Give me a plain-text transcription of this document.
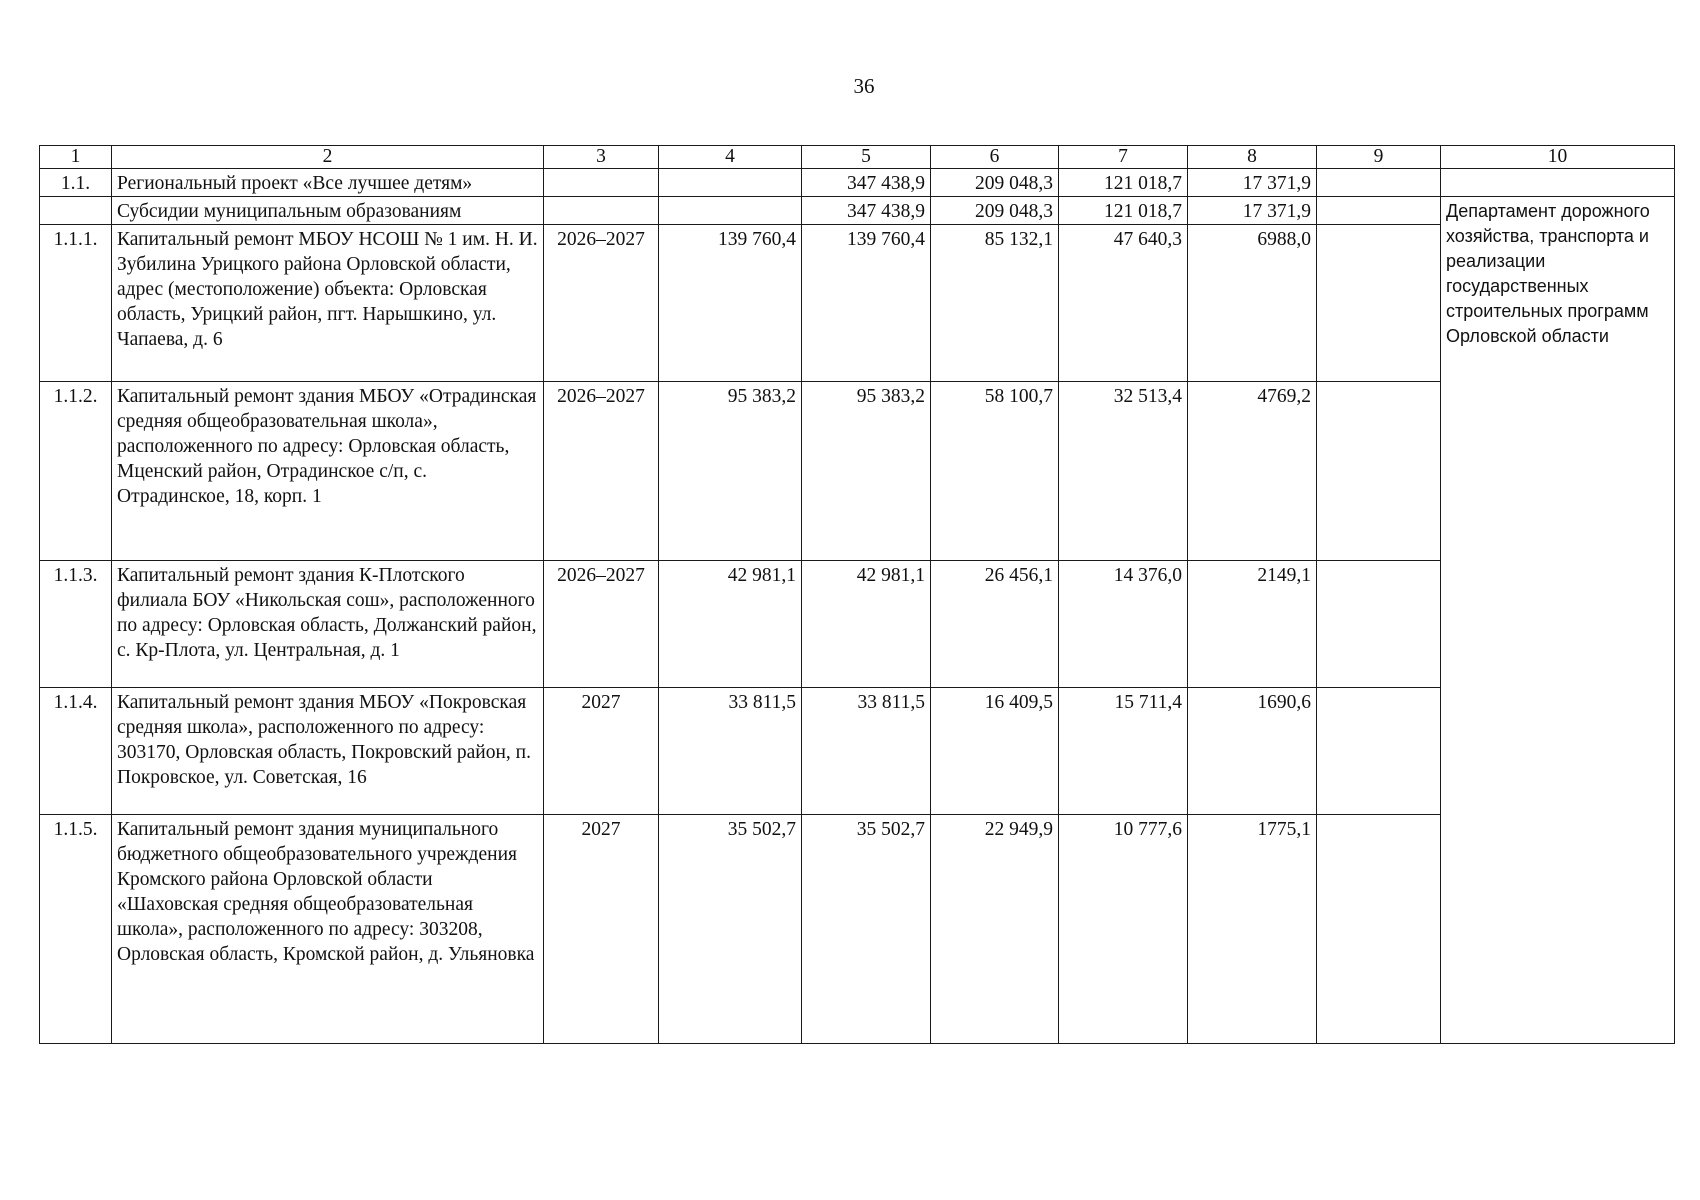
36
1	2	3	4	5	6	7	8	9	10
1.1.	Региональный проект «Все лучшее детям»			347 438,9	209 048,3	121 018,7	17 371,9		
	Субсидии муниципальным образованиям			347 438,9	209 048,3	121 018,7	17 371,9		Департамент дорожного хозяйства, транспорта и реализации государственных строительных программ Орловской области
1.1.1.	Капитальный ремонт МБОУ НСОШ № 1 им. Н. И. Зубилина Урицкого района Орловской области, адрес (местоположение) объекта: Орловская область, Урицкий район, пгт. Нарышкино, ул. Чапаева, д. 6	2026–2027	139 760,4	139 760,4	85 132,1	47 640,3	6988,0		
1.1.2.	Капитальный ремонт здания МБОУ «Отрадинская средняя общеобразовательная школа», расположенного по адресу: Орловская область, Мценский район, Отрадинское с/п, с. Отрадинское, 18, корп. 1	2026–2027	95 383,2	95 383,2	58 100,7	32 513,4	4769,2		
1.1.3.	Капитальный ремонт здания К-Плотского филиала БОУ «Никольская сош», расположенного по адресу: Орловская область, Должанский район, с. Кр-Плота, ул. Центральная, д. 1	2026–2027	42 981,1	42 981,1	26 456,1	14 376,0	2149,1		
1.1.4.	Капитальный ремонт здания МБОУ «Покровская средняя школа», расположенного по адресу: 303170, Орловская область, Покровский район, п. Покровское, ул. Советская, 16	2027	33 811,5	33 811,5	16 409,5	15 711,4	1690,6		
1.1.5.	Капитальный ремонт здания муниципального бюджетного общеобразовательного учреждения Кромского района Орловской области «Шаховская средняя общеобразовательная школа», расположенного по адресу: 303208, Орловская область, Кромской район, д. Ульяновка	2027	35 502,7	35 502,7	22 949,9	10 777,6	1775,1		
